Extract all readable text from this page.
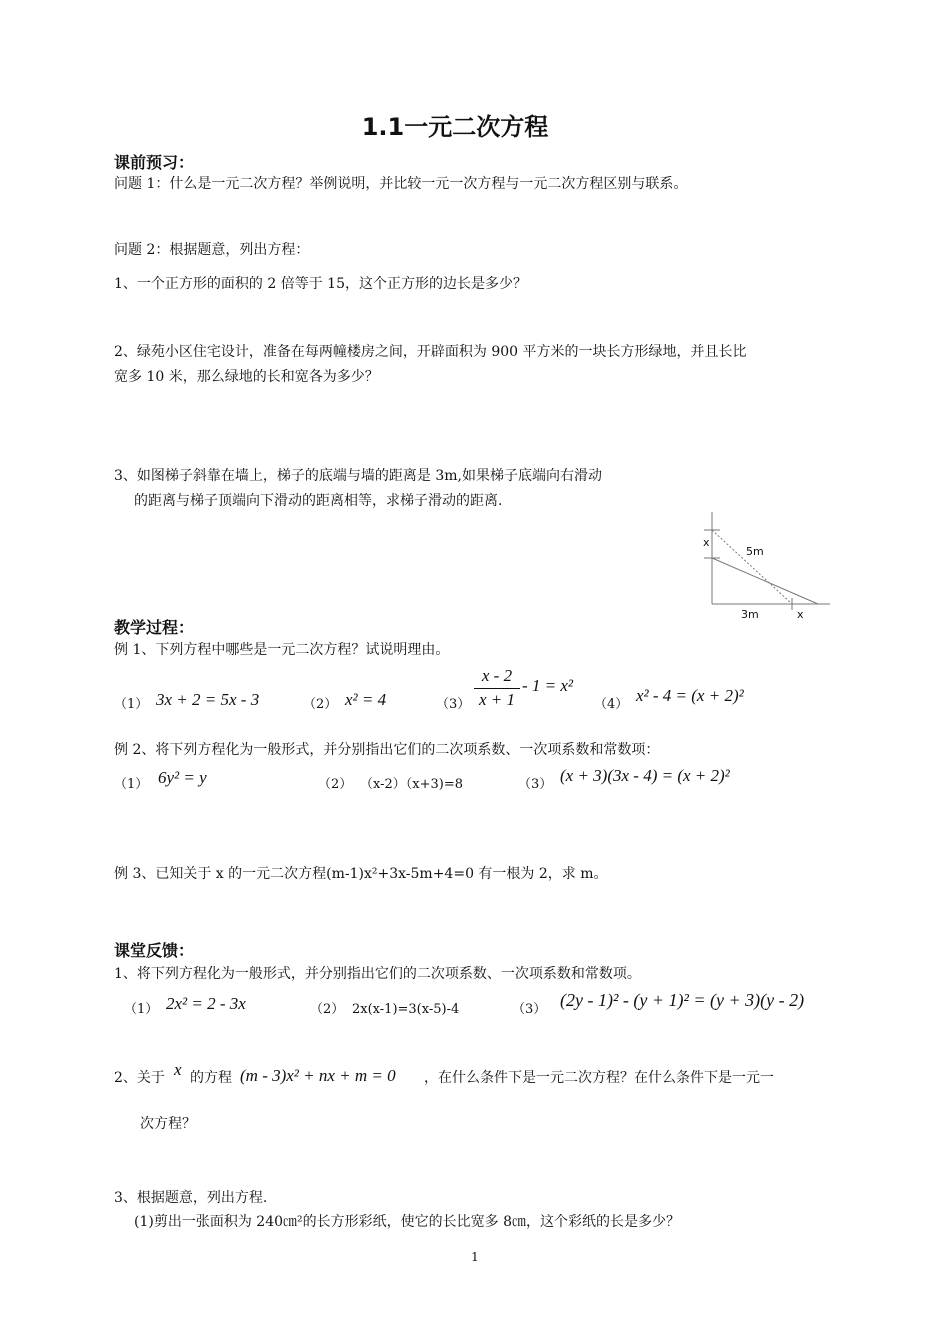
1.1一元二次方程
课前预习：
问题 1：什么是一元二次方程？举例说明，并比较一元一次方程与一元二次方程区别与联系。
问题 2：根据题意，列出方程：
1、一个正方形的面积的 2 倍等于 15，这个正方形的边长是多少？
2、绿苑小区住宅设计，准备在每两幢楼房之间，开辟面积为 900 平方米的一块长方形绿地，并且长比
宽多 10 米，那么绿地的长和宽各为多少？
3、如图梯子斜靠在墙上，梯子的底端与墙的距离是 3m,如果梯子底端向右滑动
的距离与梯子顶端向下滑动的距离相等，求梯子滑动的距离.
x
5m
3m	x
教学过程：
例 1、下列方程中哪些是一元二次方程？试说明理由。
（1） 3x + 2 = 5x - 3	（2） x² = 4	（3）
x - 2
x + 1
- 1 = x²
（4） x² - 4 = (x + 2)²
例 2、将下列方程化为一般形式，并分别指出它们的二次项系数、一次项系数和常数项：
（1） 6y² = y	（2） （x-2）（x+3)=8	（3） (x + 3)(3x - 4) = (x + 2)²
例 3、已知关于 x 的一元二次方程(m-1)x²+3x-5m+4=0 有一根为 2，求 m。
课堂反馈：
1、将下列方程化为一般形式，并分别指出它们的二次项系数、一次项系数和常数项。
（1） 2x² = 2 - 3x	（2） 2x(x-1)=3(x-5)-4	（3） (2y - 1)² - (y + 1)² = (y + 3)(y - 2)
2、关于 x 的方程 (m - 3)x² + nx + m = 0 ，在什么条件下是一元二次方程？在什么条件下是一元一
次方程？
3、根据题意，列出方程.
(1)剪出一张面积为 240㎝²的长方形彩纸，使它的长比宽多 8㎝，这个彩纸的长是多少？
1
